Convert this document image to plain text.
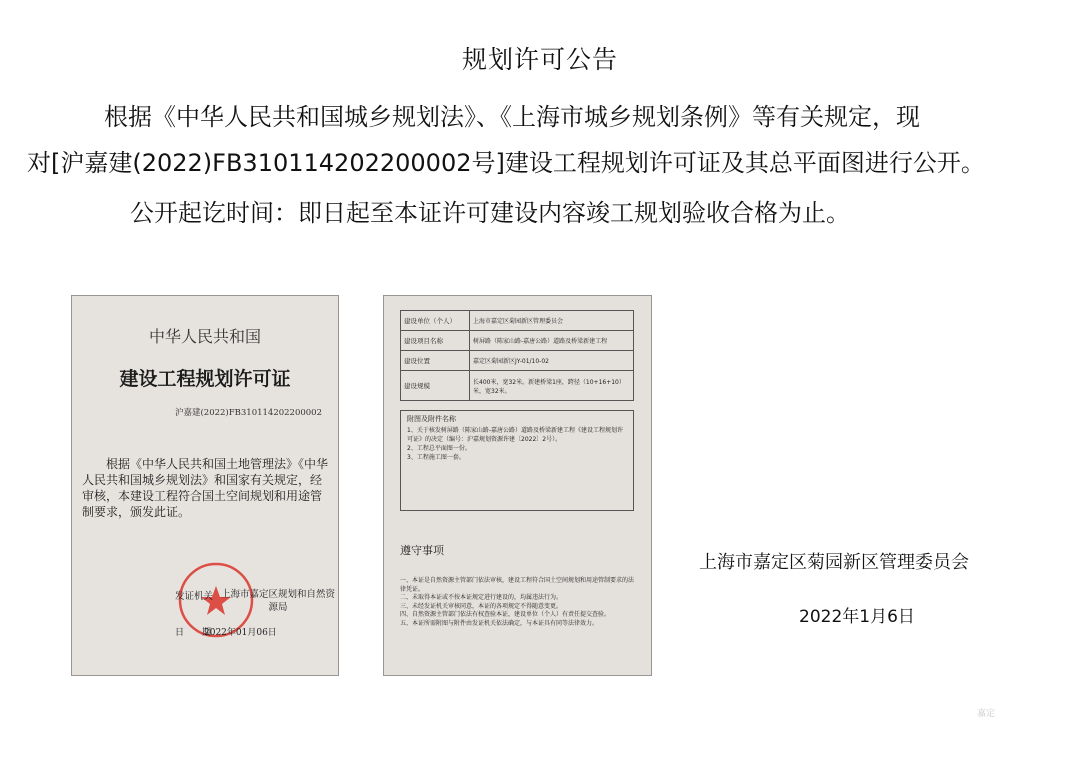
规划许可公告
根据《中华人民共和国城乡规划法》、《上海市城乡规划条例》等有关规定，现
对[沪嘉建(2022)FB310114202200002号]建设工程规划许可证及其总平面图进行公开。
公开起讫时间：即日起至本证许可建设内容竣工规划验收合格为止。
中华人民共和国
建设工程规划许可证
沪嘉建(2022)FB310114202200002
根据《中华人民共和国土地管理法》《中华人民共和国城乡规划法》和国家有关规定，经审核，本建设工程符合国土空间规划和用途管制要求，颁发此证。
发证机关 上海市嘉定区规划和自然资源局
日　　期
2022年01月06日
建设单位（个人）	上海市嘉定区菊园新区管理委员会
建设项目名称	树屏路（陈家山路-嘉唐公路）道路及桥梁新建工程
建设位置	嘉定区菊园新区JY-01/10-02
建设规模	长400米，宽32米。新建桥梁1座，跨径（10+16+10）米，宽32米。
附图及附件名称
1、关于核发树屏路（陈家山路-嘉唐公路）道路及桥梁新建工程《建设工程规划许可证》的决定（编号：沪嘉规划资源许建〔2022〕2号）。
2、工程总平面图一份。
3、工程施工图一套。
遵守事项
一、本证是自然资源主管部门依法审核，建设工程符合国土空间规划和用途管制要求的法律凭证。
二、未取得本证或不按本证规定进行建设的，均属违法行为。
三、未经发证机关审核同意，本证的各项规定不得随意变更。
四、自然资源主管部门依法有权查验本证，建设单位（个人）有责任提交查验。
五、本证所需附图与附件由发证机关依法确定，与本证具有同等法律效力。
上海市嘉定区菊园新区管理委员会
2022年1月6日
嘉定
